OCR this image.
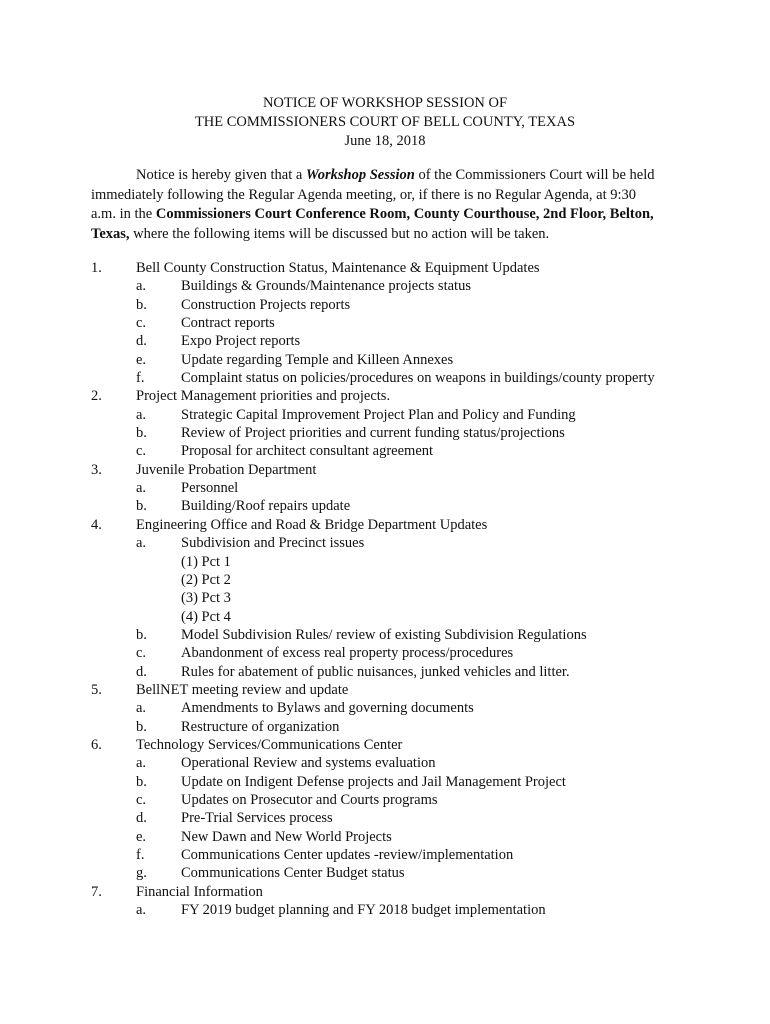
NOTICE OF WORKSHOP SESSION OF
THE COMMISSIONERS COURT OF BELL COUNTY, TEXAS
June 18, 2018
Notice is hereby given that a Workshop Session of the Commissioners Court will be held
immediately following the Regular Agenda meeting, or, if there is no Regular Agenda, at 9:30
a.m. in the Commissioners Court Conference Room, County Courthouse, 2nd Floor, Belton,
Texas, where the following items will be discussed but no action will be taken.
1. Bell County Construction Status, Maintenance & Equipment Updates
a. Buildings & Grounds/Maintenance projects status
b. Construction Projects reports
c. Contract reports
d. Expo Project reports
e. Update regarding Temple and Killeen Annexes
f.	Complaint status on policies/procedures on weapons in buildings/county property
2. Project Management priorities and projects.
a. Strategic Capital Improvement Project Plan and Policy and Funding
b. Review of Project priorities and current funding status/projections
c. Proposal for architect consultant agreement
3. Juvenile Probation Department
a. Personnel
b. Building/Roof repairs update
4. Engineering Office and Road & Bridge Department Updates
a. Subdivision and Precinct issues
(1) Pct 1
(2) Pct 2
(3) Pct 3
(4) Pct 4
b. Model Subdivision Rules/ review of existing Subdivision Regulations
c. Abandonment of excess real property process/procedures
d. Rules for abatement of public nuisances, junked vehicles and litter.
5. BellNET meeting review and update
a. Amendments to Bylaws and governing documents
b. Restructure of organization
6. Technology Services/Communications Center
a. Operational Review and systems evaluation
b. Update on Indigent Defense projects and Jail Management Project
c. Updates on Prosecutor and Courts programs
d. Pre-Trial Services process
e. New Dawn and New World Projects
f.	Communications Center updates -review/implementation
g. Communications Center Budget status
7. Financial Information
a. FY 2019 budget planning and FY 2018 budget implementation
